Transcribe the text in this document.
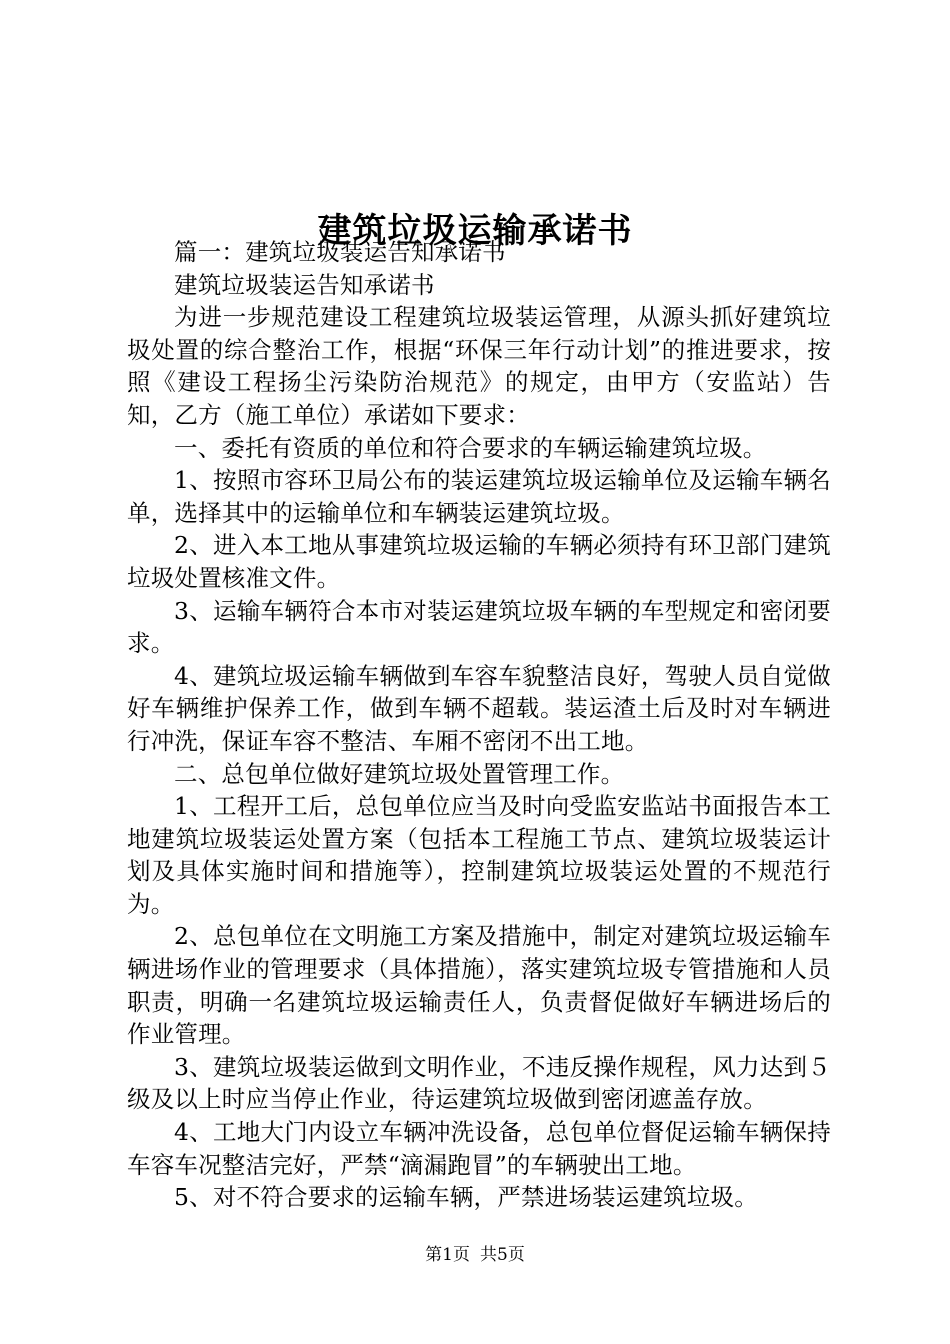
建筑垃圾运输承诺书

篇一：建筑垃圾装运告知承诺书

建筑垃圾装运告知承诺书

为进一步规范建设工程建筑垃圾装运管理，从源头抓好建筑垃圾处置的综合整治工作，根据“环保三年行动计划”的推进要求，按照《建设工程扬尘污染防治规范》的规定，由甲方（安监站）告知，乙方（施工单位）承诺如下要求：

一、委托有资质的单位和符合要求的车辆运输建筑垃圾。

1、按照市容环卫局公布的装运建筑垃圾运输单位及运输车辆名单，选择其中的运输单位和车辆装运建筑垃圾。

2、进入本工地从事建筑垃圾运输的车辆必须持有环卫部门建筑垃圾处置核准文件。

3、运输车辆符合本市对装运建筑垃圾车辆的车型规定和密闭要求。

4、建筑垃圾运输车辆做到车容车貌整洁良好，驾驶人员自觉做好车辆维护保养工作，做到车辆不超载。装运渣土后及时对车辆进行冲洗，保证车容不整洁、车厢不密闭不出工地。

二、总包单位做好建筑垃圾处置管理工作。

1、工程开工后，总包单位应当及时向受监安监站书面报告本工地建筑垃圾装运处置方案（包括本工程施工节点、建筑垃圾装运计划及具体实施时间和措施等），控制建筑垃圾装运处置的不规范行为。

2、总包单位在文明施工方案及措施中，制定对建筑垃圾运输车辆进场作业的管理要求（具体措施），落实建筑垃圾专管措施和人员职责，明确一名建筑垃圾运输责任人，负责督促做好车辆进场后的作业管理。

3、建筑垃圾装运做到文明作业，不违反操作规程，风力达到５级及以上时应当停止作业，待运建筑垃圾做到密闭遮盖存放。

4、工地大门内设立车辆冲洗设备，总包单位督促运输车辆保持车容车况整洁完好，严禁“滴漏跑冒”的车辆驶出工地。

5、对不符合要求的运输车辆，严禁进场装运建筑垃圾。

第1页 共5页
